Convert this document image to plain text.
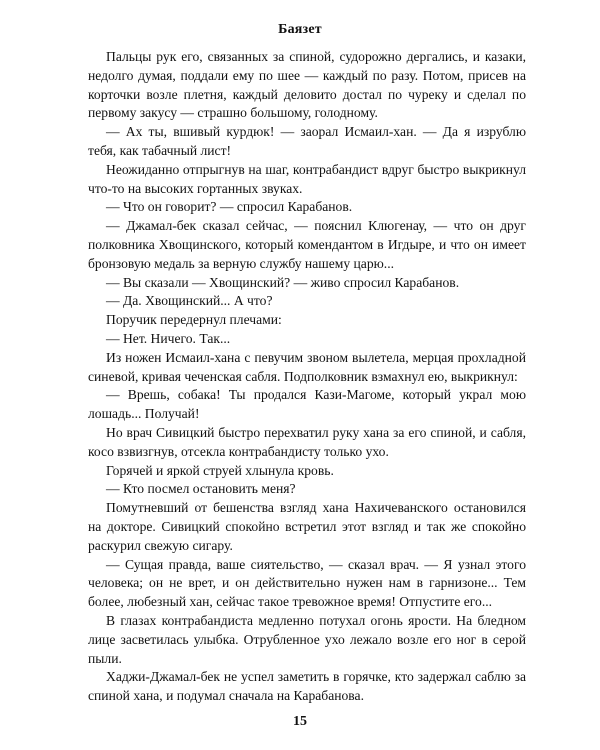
Баязет

Пальцы рук его, связанных за спиной, судорожно дергались, и казаки, недолго думая, поддали ему по шее — каждый по разу. Потом, присев на корточки возле плетня, каждый деловито достал по чуреку и сделал по первому закусу — страшно большому, голодному.

— Ах ты, вшивый курдюк! — заорал Исмаил-хан. — Да я изрублю тебя, как табачный лист!

Неожиданно отпрыгнув на шаг, контрабандист вдруг быстро выкрикнул что-то на высоких гортанных звуках.

— Что он говорит? — спросил Карабанов.

— Джамал-бек сказал сейчас, — пояснил Клюгенау, — что он друг полковника Хвощинского, который комендантом в Игдыре, и что он имеет бронзовую медаль за верную службу нашему царю...

— Вы сказали — Хвощинский? — живо спросил Карабанов.

— Да. Хвощинский... А что?

Поручик передернул плечами:

— Нет. Ничего. Так...

Из ножен Исмаил-хана с певучим звоном вылетела, мерцая прохладной синевой, кривая чеченская сабля. Подполковник взмахнул ею, выкрикнул:

— Врешь, собака! Ты продался Кази-Магоме, который украл мою лошадь... Получай!

Но врач Сивицкий быстро перехватил руку хана за его спиной, и сабля, косо взвизгнув, отсекла контрабандисту только ухо.

Горячей и яркой струей хлынула кровь.

— Кто посмел остановить меня?

Помутневший от бешенства взгляд хана Нахичеванского остановился на докторе. Сивицкий спокойно встретил этот взгляд и так же спокойно раскурил свежую сигару.

— Сущая правда, ваше сиятельство, — сказал врач. — Я узнал этого человека; он не врет, и он действительно нужен нам в гарнизоне... Тем более, любезный хан, сейчас такое тревожное время! Отпустите его...

В глазах контрабандиста медленно потухал огонь ярости. На бледном лице засветилась улыбка. Отрубленное ухо лежало возле его ног в серой пыли.

Хаджи-Джамал-бек не успел заметить в горячке, кто задержал саблю за спиной хана, и подумал сначала на Карабанова.

15
